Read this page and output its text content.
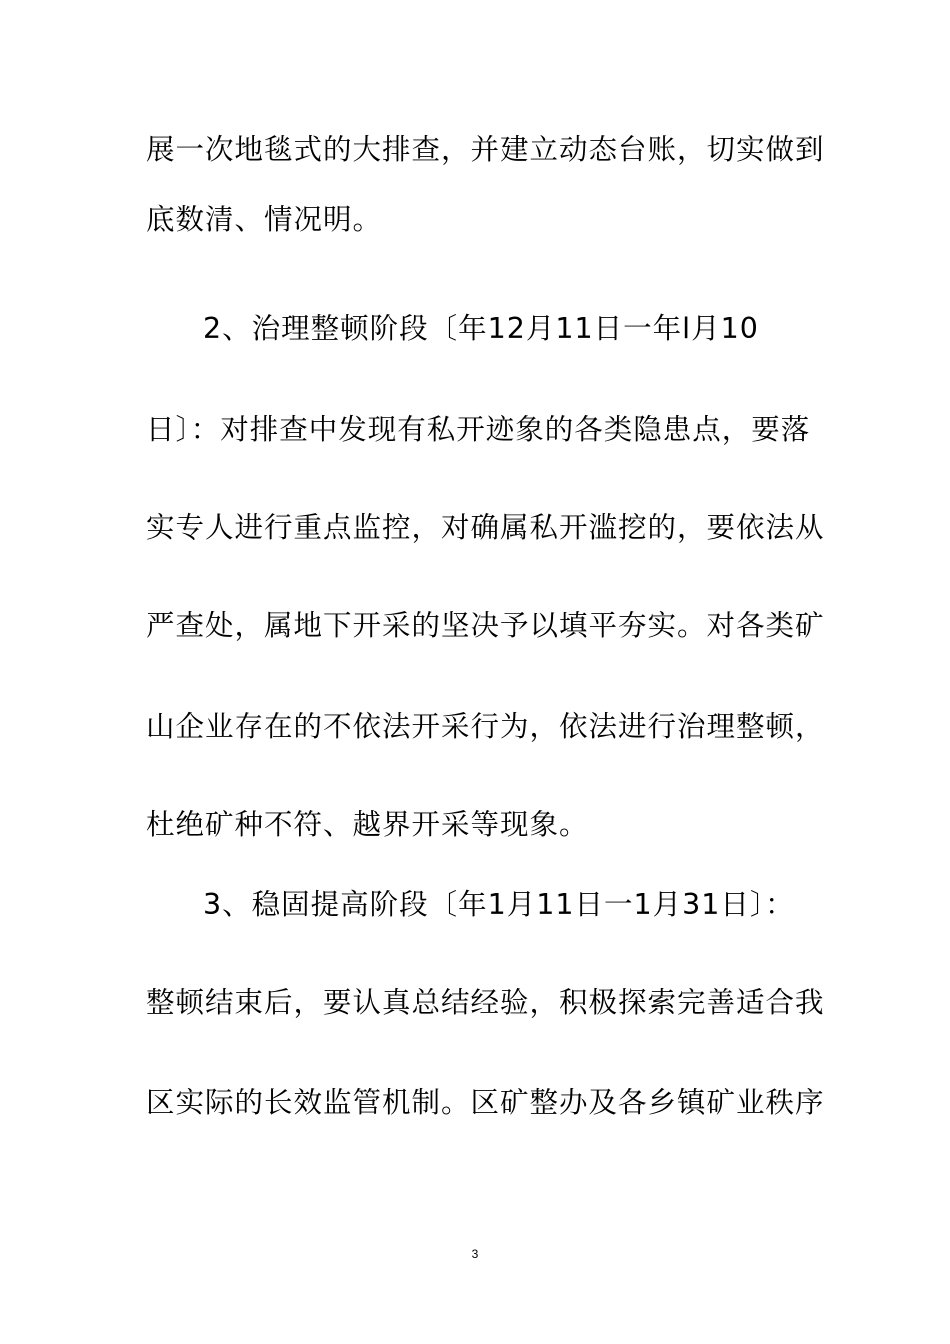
展一次地毯式的大排查，并建立动态台账，切实做到

底数清、情况明。

2、治理整顿阶段〔年12月11日一年l月10

日〕：对排查中发现有私开迹象的各类隐患点，要落

实专人进行重点监控，对确属私开滥挖的，要依法从

严查处，属地下开采的坚决予以填平夯实。对各类矿

山企业存在的不依法开采行为，依法进行治理整顿，

杜绝矿种不符、越界开采等现象。

3、稳固提高阶段〔年1月11日一1月31日〕：

整顿结束后，要认真总结经验，积极探索完善适合我

区实际的长效监管机制。区矿整办及各乡镇矿业秩序

3
